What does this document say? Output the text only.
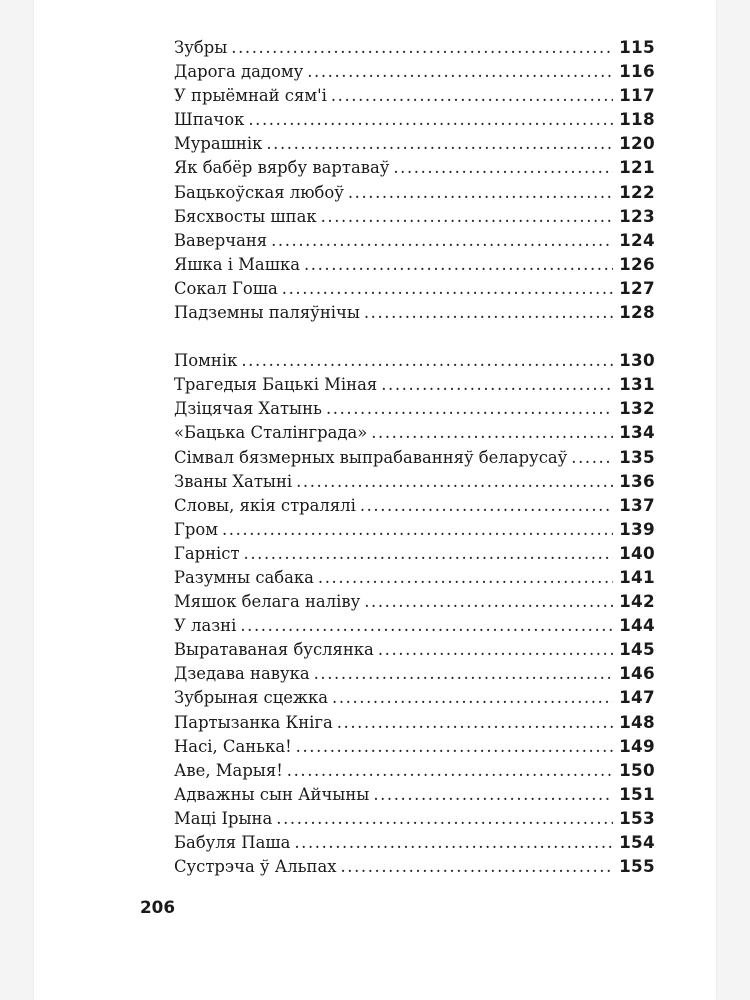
Зубры .....	115
Дарога дадому .....	116
У прыёмнай сям'і .....	117
Шпачок .....	118
Мурашнік .....	120
Як бабёр вярбу вартаваў .....	121
Бацькоўская любоў .....	122
Бясхвосты шпак .....	123
Ваверчаня .....	124
Яшка і Машка .....	126
Сокал Гоша .....	127
Падземны паляўнічы .....	128
Помнік .....	130
Трагедыя Бацькі Міная .....	131
Дзіцячая Хатынь .....	132
«Бацька Сталінграда» .....	134
Сімвал бязмерных выпрабаванняў беларусаў .....	135
Званы Хатыні .....	136
Словы, якія стралялі .....	137
Гром .....	139
Гарніст .....	140
Разумны сабака .....	141
Мяшок белага наліву .....	142
У лазні .....	144
Выратаваная буслянка .....	145
Дзедава навука .....	146
Зубрыная сцежка .....	147
Партызанка Кніга .....	148
Насі, Санька! .....	149
Аве, Марыя! .....	150
Адважны сын Айчыны .....	151
Маці Ірына .....	153
Бабуля Паша .....	154
Сустрэча ў Альпах .....	155
206
